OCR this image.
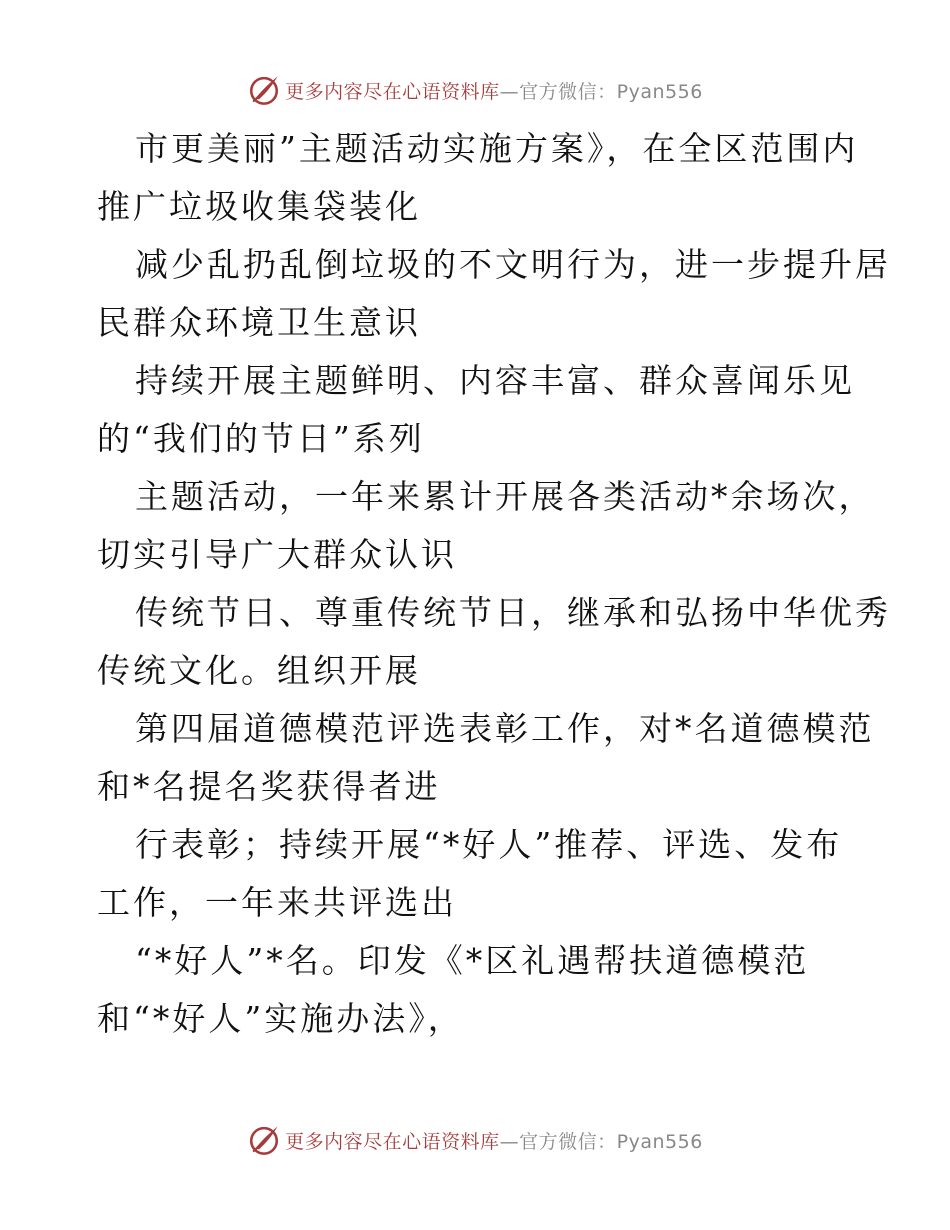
更多内容尽在心语资料库—官方微信：Pyan556

市更美丽”主题活动实施方案》，在全区范围内
推广垃圾收集袋装化

减少乱扔乱倒垃圾的不文明行为，进一步提升居
民群众环境卫生意识

持续开展主题鲜明、内容丰富、群众喜闻乐见
的“我们的节日”系列

主题活动，一年来累计开展各类活动*余场次，
切实引导广大群众认识

传统节日、尊重传统节日，继承和弘扬中华优秀
传统文化。组织开展

第四届道德模范评选表彰工作，对*名道德模范
和*名提名奖获得者进

行表彰；持续开展“*好人”推荐、评选、发布
工作，一年来共评选出

“*好人”*名。印发《*区礼遇帮扶道德模范
和“*好人”实施办法》，

更多内容尽在心语资料库—官方微信：Pyan556
